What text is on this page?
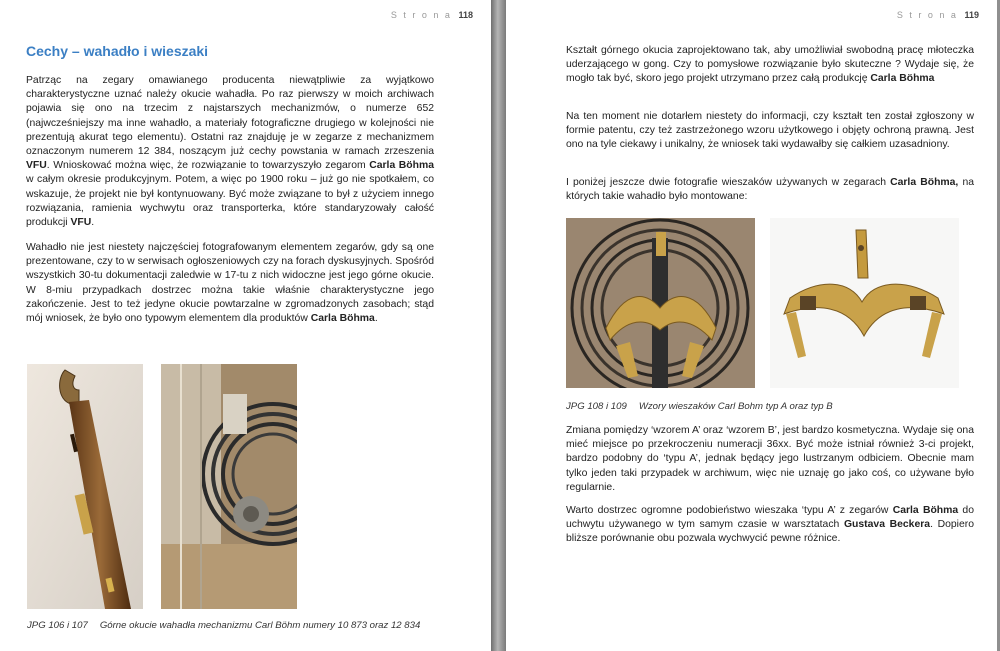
S t r o n a 118
Cechy – wahadło i wieszaki

Patrząc na zegary omawianego producenta niewątpliwie za wyjątkowo charakterystyczne uznać należy okucie wahadła. Po raz pierwszy w moich archiwach pojawia się ono na trzecim z najstarszych mechanizmów, o numerze 652 (najwcześniejszy ma inne wahadło, a materiały fotograficzne drugiego w kolejności nie prezentują akurat tego elementu). Ostatni raz znajduję je w zegarze z mechanizmem oznaczonym numerem 12 384, noszącym już cechy powstania w ramach zrzeszenia VFU. Wnioskować można więc, że rozwiązanie to towarzyszyło zegarom Carla Böhma w całym okresie produkcyjnym. Potem, a więc po 1900 roku – już go nie spotkałem, co wskazuje, że projekt nie był kontynuowany. Być może związane to był z użyciem innego rozwiązania, ramienia wychwytu oraz transporterka, które standaryzowały całość produkcji VFU.

Wahadło nie jest niestety najczęściej fotografowanym elementem zegarów, gdy są one prezentowane, czy to w serwisach ogłoszeniowych czy na forach dyskusyjnych. Spośród wszystkich 30-tu dokumentacji zaledwie w 17-tu z nich widoczne jest jego górne okucie. W 8-miu przypadkach dostrzec można takie właśnie charakterystyczne jego zakończenie. Jest to też jedyne okucie powtarzalne w zgromadzonych zasobach; stąd mój wniosek, że było ono typowym elementem dla produktów Carla Böhma.

JPG 106 i 107 Górne okucie wahadła mechanizmu Carl Böhm numery 10 873 oraz 12 834
S t r o n a 119

Kształt górnego okucia zaprojektowano tak, aby umożliwiał swobodną pracę młoteczka uderzającego w gong. Czy to pomysłowe rozwiązanie było skuteczne ? Wydaje się, że mogło tak być, skoro jego projekt utrzymano przez całą produkcję Carla Böhma

Na ten moment nie dotarłem niestety do informacji, czy kształt ten został zgłoszony w formie patentu, czy też zastrzeżonego wzoru użytkowego i objęty ochroną prawną. Jest ono na tyle ciekawy i unikalny, że wniosek taki wydawałby się całkiem uzasadniony.

I poniżej jeszcze dwie fotografie wieszaków używanych w zegarach Carla Böhma, na których takie wahadło było montowane:

JPG 108 i 109 Wzory wieszaków Carl Bohm typ A oraz typ B

Zmiana pomiędzy ‘wzorem A’ oraz ‘wzorem B’, jest bardzo kosmetyczna. Wydaje się ona mieć miejsce po przekroczeniu numeracji 36xx. Być może istniał również 3-ci projekt, bardzo podobny do ‘typu A’, jednak będący jego lustrzanym odbiciem. Obecnie mam tylko jeden taki przypadek w archiwum, więc nie uznaję go jako coś, co używane było regularnie.

Warto dostrzec ogromne podobieństwo wieszaka ‘typu A’ z zegarów Carla Böhma do uchwytu używanego w tym samym czasie w warsztatach Gustava Beckera. Dopiero bliższe porównanie obu pozwala wychwycić pewne różnice.
